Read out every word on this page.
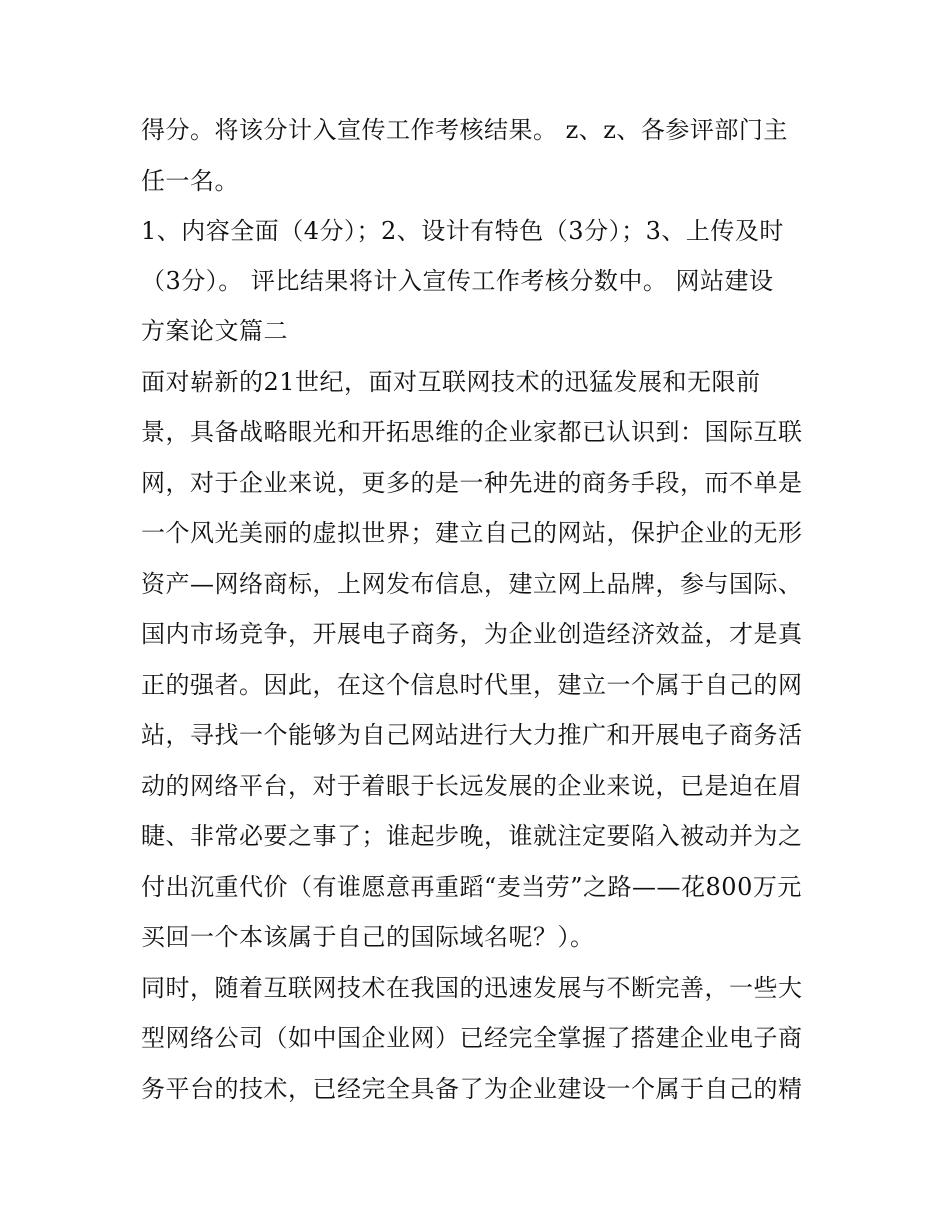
得分。将该分计入宣传工作考核结果。 z、z、各参评部门主
任一名。
1、内容全面（4分）；2、设计有特色（3分）；3、上传及时
（3分）。 评比结果将计入宣传工作考核分数中。 网站建设
方案论文篇二
面对崭新的21世纪，面对互联网技术的迅猛发展和无限前
景，具备战略眼光和开拓思维的企业家都已认识到：国际互联
网，对于企业来说，更多的是一种先进的商务手段，而不单是
一个风光美丽的虚拟世界；建立自己的网站，保护企业的无形
资产—网络商标，上网发布信息，建立网上品牌，参与国际、
国内市场竞争，开展电子商务，为企业创造经济效益，才是真
正的强者。因此，在这个信息时代里，建立一个属于自己的网
站，寻找一个能够为自己网站进行大力推广和开展电子商务活
动的网络平台，对于着眼于长远发展的企业来说，已是迫在眉
睫、非常必要之事了；谁起步晚，谁就注定要陷入被动并为之
付出沉重代价（有谁愿意再重蹈“麦当劳”之路——花800万元
买回一个本该属于自己的国际域名呢？）。
同时，随着互联网技术在我国的迅速发展与不断完善，一些大
型网络公司（如中国企业网）已经完全掌握了搭建企业电子商
务平台的技术，已经完全具备了为企业建设一个属于自己的精
